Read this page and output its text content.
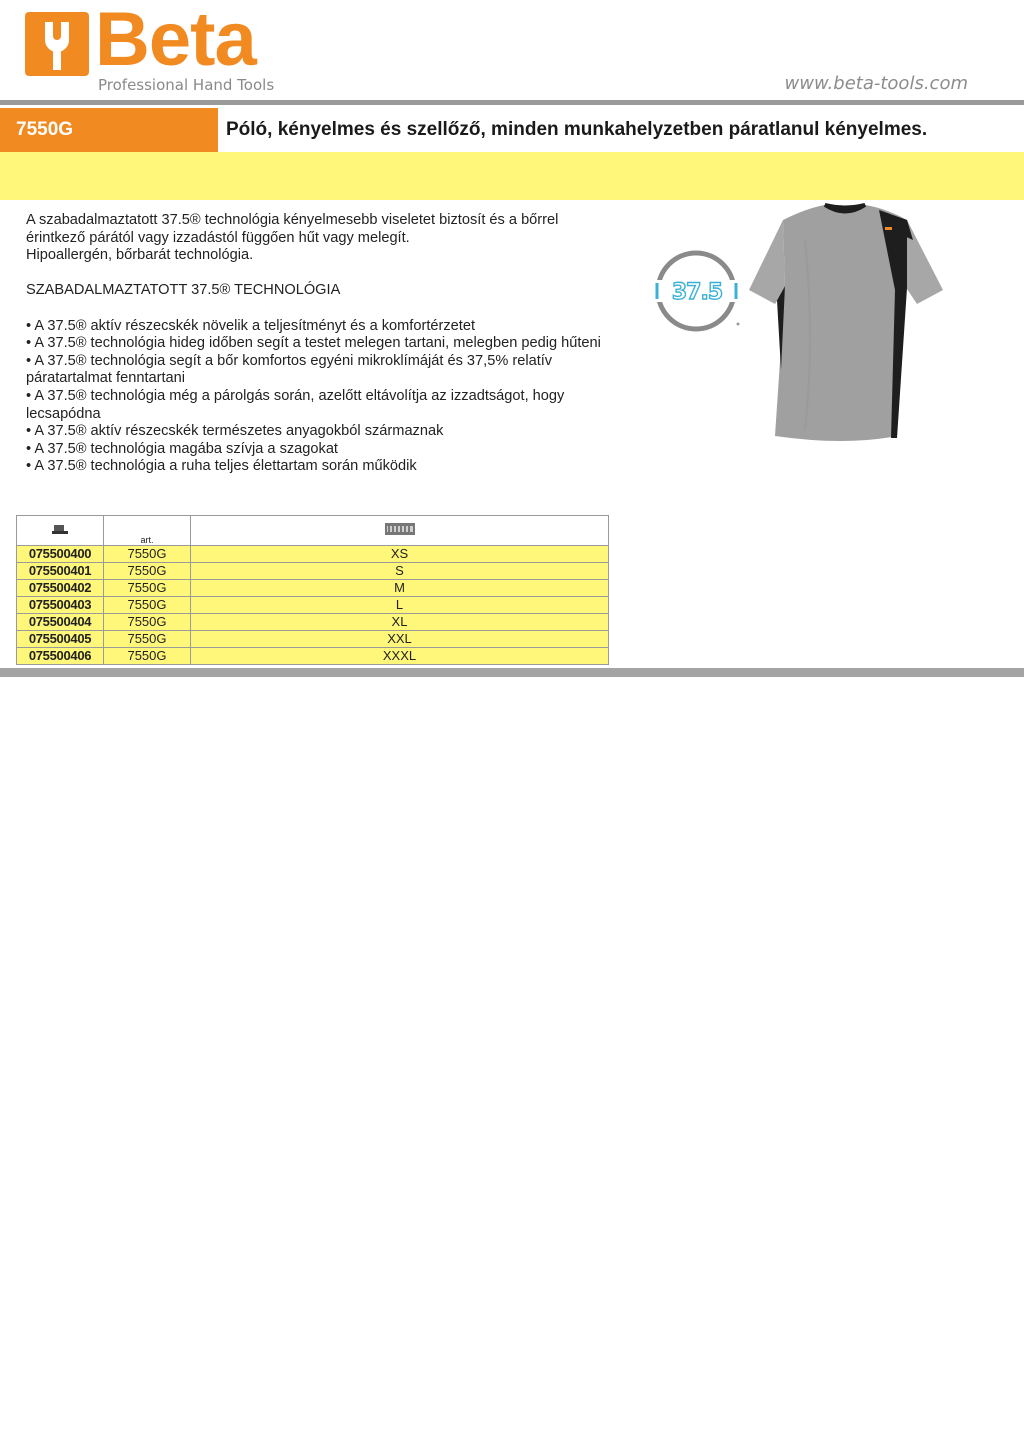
Beta
Professional Hand Tools	www.beta-tools.com
7550G	Póló, kényelmes és szellőző, minden munkahelyzetben páratlanul kényelmes.

A szabadalmaztatott 37.5® technológia kényelmesebb viseletet biztosít és a bőrrel érintkező párától vagy izzadástól függően hűt vagy melegít.

Hipoallergén, bőrbarát technológia.

SZABADALMAZTATOTT 37.5® TECHNOLÓGIA

• A 37.5® aktív részecskék növelik a teljesítményt és a komfortérzetet

• A 37.5® technológia hideg időben segít a testet melegen tartani, melegben pedig hűteni

• A 37.5® technológia segít a bőr komfortos egyéni mikroklímáját és 37,5% relatív páratartalmat fenntartani

• A 37.5® technológia még a párolgás során, azelőtt eltávolítja az izzadtságot, hogy lecsapódna

• A 37.5® aktív részecskék természetes anyagokból származnak

• A 37.5® technológia magába szívja a szagokat

• A 37.5® technológia a ruha teljes élettartam során működik

37.5
	art.	
075500400	7550G	XS
075500401	7550G	S
075500402	7550G	M
075500403	7550G	L
075500404	7550G	XL
075500405	7550G	XXL
075500406	7550G	XXXL
